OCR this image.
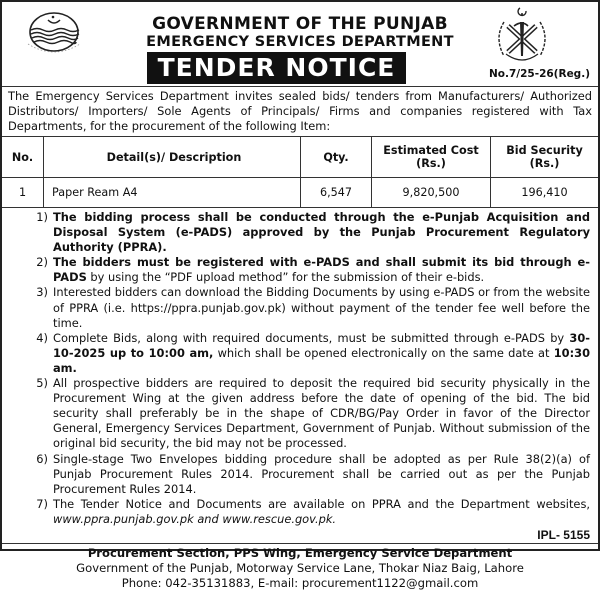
GOVERNMENT OF THE PUNJAB
EMERGENCY SERVICES DEPARTMENT
TENDER NOTICE	No.7/25-26(Reg.)
The Emergency Services Department invites sealed bids/ tenders from Manufacturers/ Authorized Distributors/ Importers/ Sole Agents of Principals/ Firms and companies registered with Tax Departments, for the procurement of the following Item:
No.	Detail(s)/ Description	Qty.	Estimated Cost (Rs.)	Bid Security (Rs.)
1	Paper Ream A4	6,547	9,820,500	196,410
1) The bidding process shall be conducted through the e-Punjab Acquisition and Disposal System (e-PADS) approved by the Punjab Procurement Regulatory Authority (PPRA).
2) The bidders must be registered with e-PADS and shall submit its bid through e-PADS by using the “PDF upload method” for the submission of their e-bids.
3) Interested bidders can download the Bidding Documents by using e-PADS or from the website of PPRA (i.e. https://ppra.punjab.gov.pk) without payment of the tender fee well before the time.
4) Complete Bids, along with required documents, must be submitted through e-PADS by 30-10-2025 up to 10:00 am, which shall be opened electronically on the same date at 10:30 am.
5) All prospective bidders are required to deposit the required bid security physically in the Procurement Wing at the given address before the date of opening of the bid. The bid security shall preferably be in the shape of CDR/BG/Pay Order in favor of the Director General, Emergency Services Department, Government of Punjab. Without submission of the original bid security, the bid may not be processed.
6) Single-stage Two Envelopes bidding procedure shall be adopted as per Rule 38(2)(a) of Punjab Procurement Rules 2014. Procurement shall be carried out as per the Punjab Procurement Rules 2014.
7) The Tender Notice and Documents are available on PPRA and the Department websites, www.ppra.punjab.gov.pk and www.rescue.gov.pk.
IPL- 5155
Procurement Section, PPS Wing, Emergency Service Department
Government of the Punjab, Motorway Service Lane, Thokar Niaz Baig, Lahore
Phone: 042-35131883, E-mail: procurement1122@gmail.com
